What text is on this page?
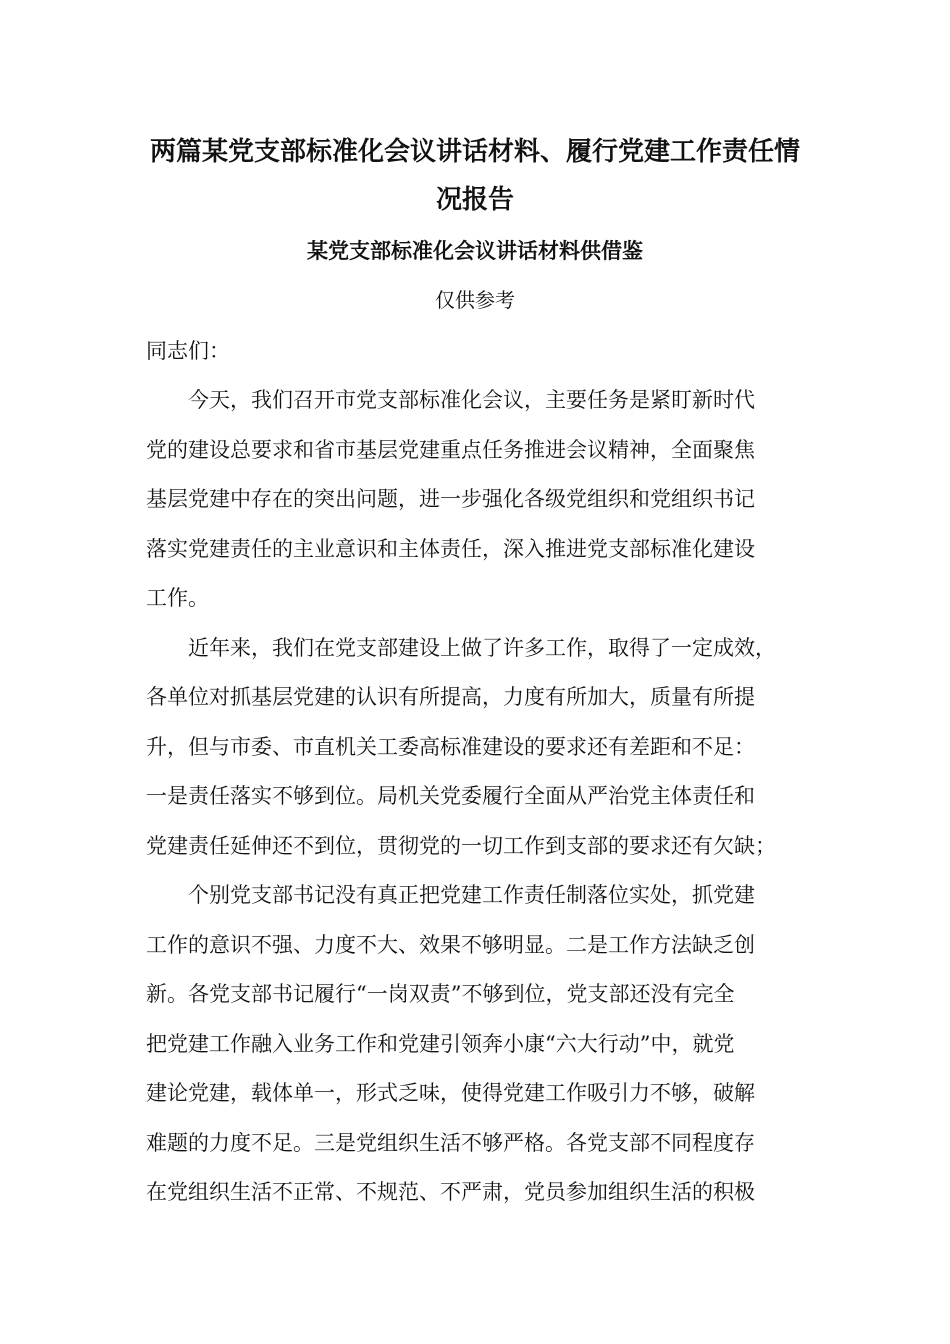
两篇某党支部标准化会议讲话材料、履行党建工作责任情
况报告
某党支部标准化会议讲话材料供借鉴

仅供参考

同志们：

今天，我们召开市党支部标准化会议，主要任务是紧盯新时代

党的建设总要求和省市基层党建重点任务推进会议精神，全面聚焦

基层党建中存在的突出问题，进一步强化各级党组织和党组织书记

落实党建责任的主业意识和主体责任，深入推进党支部标准化建设

工作。

近年来，我们在党支部建设上做了许多工作，取得了一定成效，

各单位对抓基层党建的认识有所提高，力度有所加大，质量有所提

升，但与市委、市直机关工委高标准建设的要求还有差距和不足：

一是责任落实不够到位。局机关党委履行全面从严治党主体责任和

党建责任延伸还不到位，贯彻党的一切工作到支部的要求还有欠缺；

个别党支部书记没有真正把党建工作责任制落位实处，抓党建

工作的意识不强、力度不大、效果不够明显。二是工作方法缺乏创

新。各党支部书记履行“一岗双责”不够到位，党支部还没有完全

把党建工作融入业务工作和党建引领奔小康“六大行动”中，就党

建论党建，载体单一，形式乏味，使得党建工作吸引力不够，破解

难题的力度不足。三是党组织生活不够严格。各党支部不同程度存

在党组织生活不正常、不规范、不严肃，党员参加组织生活的积极
